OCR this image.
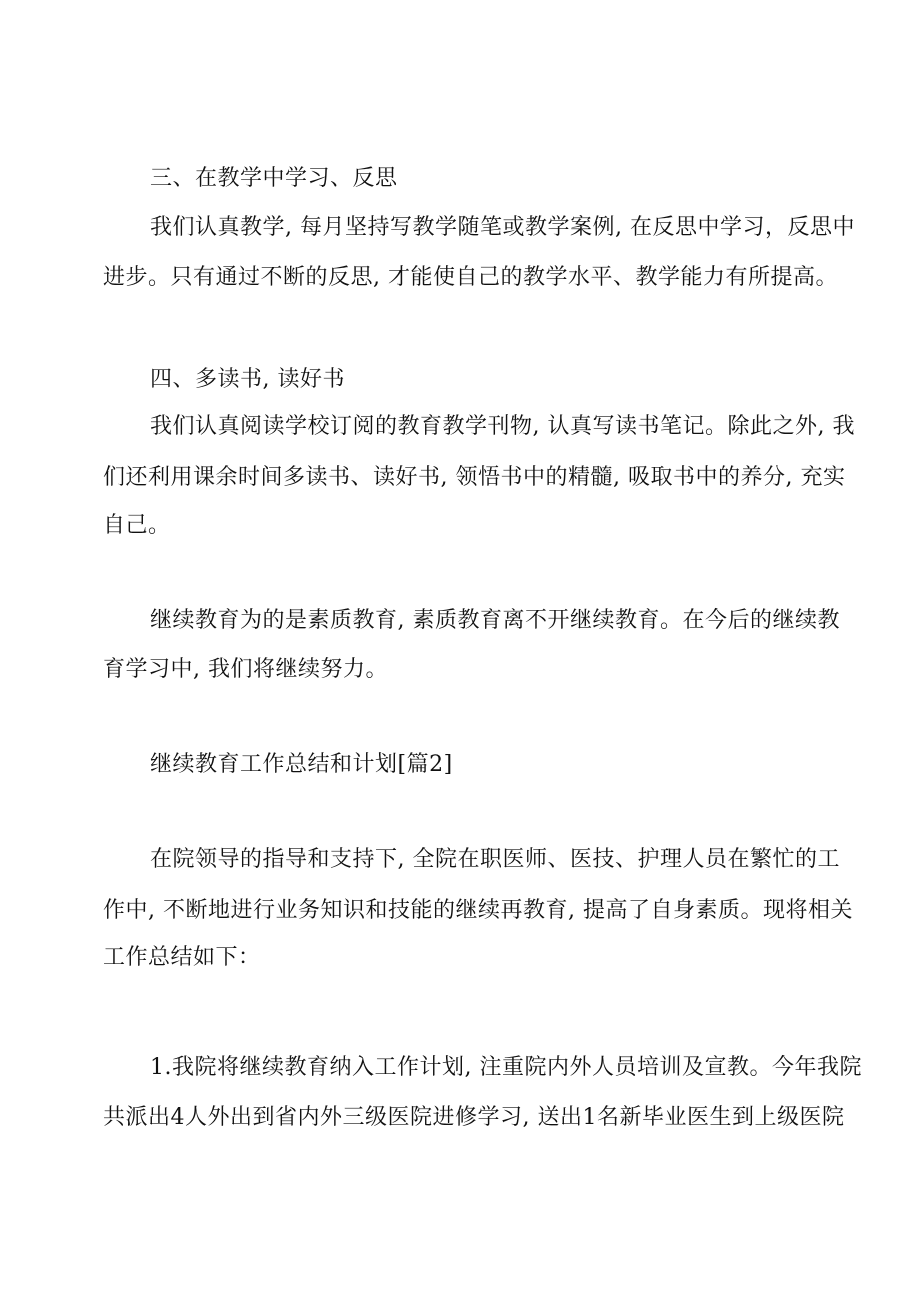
三、在教学中学习、反思
我们认真教学, 每月坚持写教学随笔或教学案例, 在反思中学习，反思中
进步。只有通过不断的反思, 才能使自己的教学水平、教学能力有所提高。
四、多读书, 读好书
我们认真阅读学校订阅的教育教学刊物, 认真写读书笔记。除此之外, 我
们还利用课余时间多读书、读好书, 领悟书中的精髓, 吸取书中的养分, 充实
自己。
继续教育为的是素质教育, 素质教育离不开继续教育。在今后的继续教
育学习中, 我们将继续努力。
继续教育工作总结和计划[篇2]
在院领导的指导和支持下, 全院在职医师、医技、护理人员在繁忙的工
作中, 不断地进行业务知识和技能的继续再教育, 提高了自身素质。现将相关
工作总结如下：
1.我院将继续教育纳入工作计划, 注重院内外人员培训及宣教。今年我院
共派出4人外出到省内外三级医院进修学习, 送出1名新毕业医生到上级医院
